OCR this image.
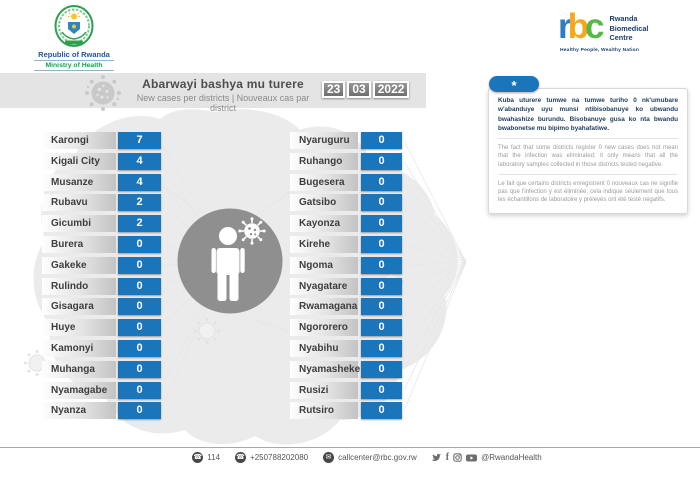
Republic of Rwanda
Ministry of Health
rbc Rwanda
Biomedical
Centre
Healthy People, Wealthy Nation
Abarwayi bashya mu turere
New cases per districts | Nouveaux cas par district
23	03	2022	*
Kuba uturere tumwe na tumwe turiho 0 nk'umubare w'abanduye uyu munsi ntibisobanuye ko ubwandu bwahashize burundu. Bisobanuye gusa ko nta bwandu bwabonetse mu bipimo byahafatiwe.
The fact that some districts register 0 new cases does not mean that the infection was eliminated; it only means that all the laboratory samples collected in those districts tested negative.
Le fait que certains districts enregistrent 0 nouveaux cas ne signifie pas que l'infection y est éliminée; cela indique seulement que tous les échantillons de laboratoire y prélevés ont été testé négatifs.
Karongi	7
Kigali City	4
Musanze	4
Rubavu	2
Gicumbi	2
Burera	0
Gakeke	0
Rulindo	0
Gisagara	0
Huye	0
Kamonyi	0
Muhanga	0
Nyamagabe	0
Nyanza	0
Nyaruguru	0
Ruhango	0
Bugesera	0
Gatsibo	0
Kayonza	0
Kirehe	0
Ngoma	0
Nyagatare	0
Rwamagana	0
Ngororero	0
Nyabihu	0
Nyamasheke	0
Rusizi	0
Rutsiro	0
☎ 114 ☎ +250788202080	✉ callcenter@rbc.gov.rw	f	@RwandaHealth
